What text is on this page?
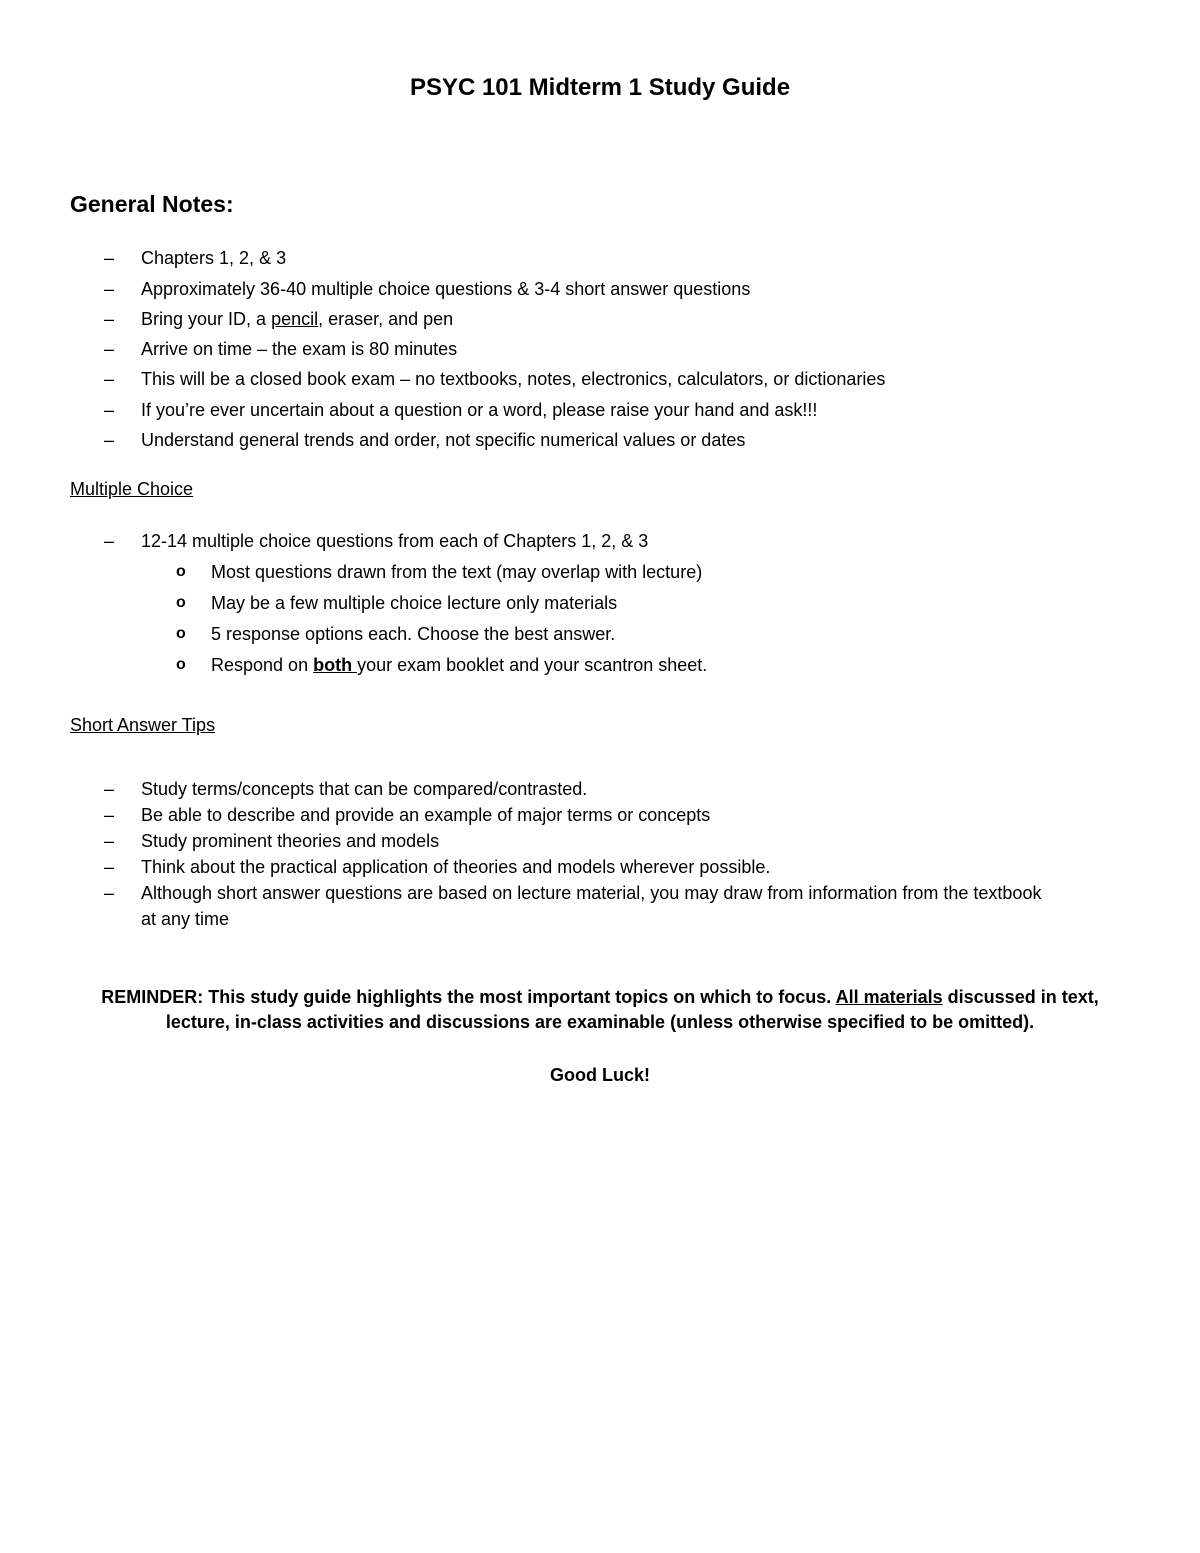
PSYC 101 Midterm 1 Study Guide
General Notes:
– Chapters 1, 2, & 3
– Approximately 36-40 multiple choice questions & 3-4 short answer questions
– Bring your ID, a pencil, eraser, and pen
– Arrive on time – the exam is 80 minutes
– This will be a closed book exam – no textbooks, notes, electronics, calculators, or dictionaries
– If you’re ever uncertain about a question or a word, please raise your hand and ask!!!
– Understand general trends and order, not specific numerical values or dates
Multiple Choice
– 12-14 multiple choice questions from each of Chapters 1, 2, & 3
o Most questions drawn from the text (may overlap with lecture)
o May be a few multiple choice lecture only materials
o 5 response options each. Choose the best answer.
o Respond on both your exam booklet and your scantron sheet.
Short Answer Tips
– Study terms/concepts that can be compared/contrasted.
– Be able to describe and provide an example of major terms or concepts
– Study prominent theories and models
– Think about the practical application of theories and models wherever possible.
– Although short answer questions are based on lecture material, you may draw from information from the textbook at any time
REMINDER: This study guide highlights the most important topics on which to focus. All materials discussed in text, lecture, in-class activities and discussions are examinable (unless otherwise specified to be omitted).
Good Luck!
